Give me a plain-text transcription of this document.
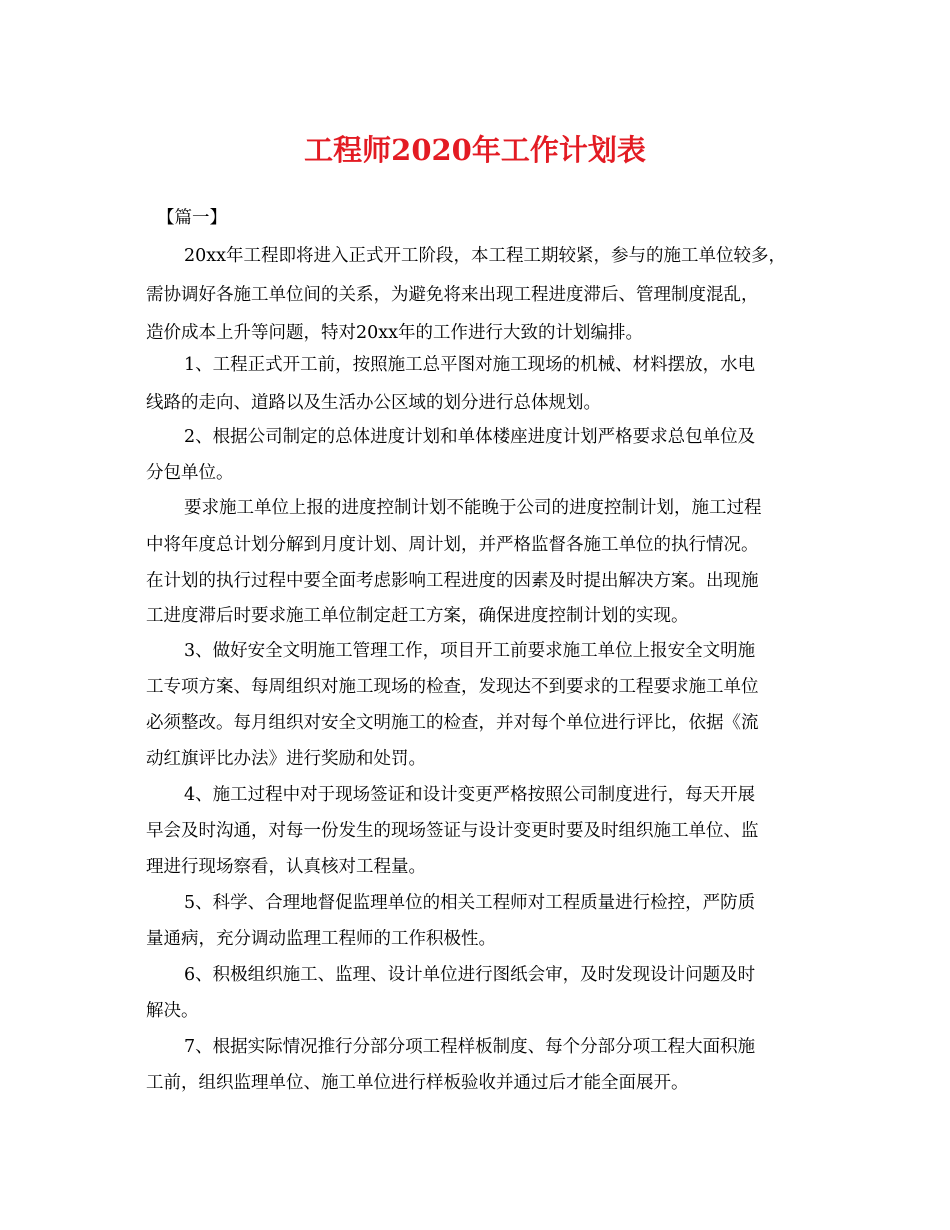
工程师2020年工作计划表

【篇一】

20xx年工程即将进入正式开工阶段，本工程工期较紧，参与的施工单位较多，

需协调好各施工单位间的关系，为避免将来出现工程进度滞后、管理制度混乱，

造价成本上升等问题，特对20xx年的工作进行大致的计划编排。

1、工程正式开工前，按照施工总平图对施工现场的机械、材料摆放，水电

线路的走向、道路以及生活办公区域的划分进行总体规划。

2、根据公司制定的总体进度计划和单体楼座进度计划严格要求总包单位及

分包单位。

要求施工单位上报的进度控制计划不能晚于公司的进度控制计划，施工过程

中将年度总计划分解到月度计划、周计划，并严格监督各施工单位的执行情况。

在计划的执行过程中要全面考虑影响工程进度的因素及时提出解决方案。出现施

工进度滞后时要求施工单位制定赶工方案，确保进度控制计划的实现。

3、做好安全文明施工管理工作，项目开工前要求施工单位上报安全文明施

工专项方案、每周组织对施工现场的检查，发现达不到要求的工程要求施工单位

必须整改。每月组织对安全文明施工的检查，并对每个单位进行评比，依据《流

动红旗评比办法》进行奖励和处罚。

4、施工过程中对于现场签证和设计变更严格按照公司制度进行，每天开展

早会及时沟通，对每一份发生的现场签证与设计变更时要及时组织施工单位、监

理进行现场察看，认真核对工程量。

5、科学、合理地督促监理单位的相关工程师对工程质量进行检控，严防质

量通病，充分调动监理工程师的工作积极性。

6、积极组织施工、监理、设计单位进行图纸会审，及时发现设计问题及时

解决。

7、根据实际情况推行分部分项工程样板制度、每个分部分项工程大面积施

工前，组织监理单位、施工单位进行样板验收并通过后才能全面展开。
